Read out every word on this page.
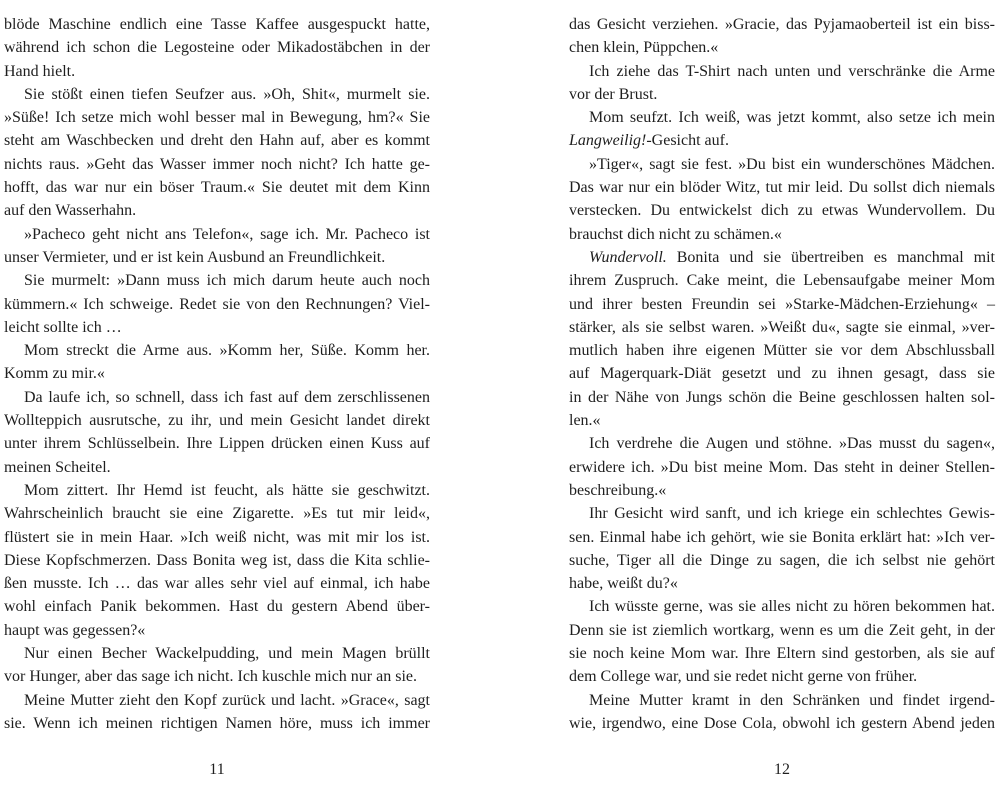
blöde Maschine endlich eine Tasse Kaffee ausgespuckt hatte,
während ich schon die Legosteine oder Mikadostäbchen in der
Hand hielt.
Sie stößt einen tiefen Seufzer aus. »Oh, Shit«, murmelt sie.
»Süße! Ich setze mich wohl besser mal in Bewegung, hm?« Sie
steht am Waschbecken und dreht den Hahn auf, aber es kommt
nichts raus. »Geht das Wasser immer noch nicht? Ich hatte ge-
hofft, das war nur ein böser Traum.« Sie deutet mit dem Kinn
auf den Wasserhahn.
»Pacheco geht nicht ans Telefon«, sage ich. Mr. Pacheco ist
unser Vermieter, und er ist kein Ausbund an Freundlichkeit.
Sie murmelt: »Dann muss ich mich darum heute auch noch
kümmern.« Ich schweige. Redet sie von den Rechnungen? Viel-
leicht sollte ich …
Mom streckt die Arme aus. »Komm her, Süße. Komm her.
Komm zu mir.«
Da laufe ich, so schnell, dass ich fast auf dem zerschlissenen
Wollteppich ausrutsche, zu ihr, und mein Gesicht landet direkt
unter ihrem Schlüsselbein. Ihre Lippen drücken einen Kuss auf
meinen Scheitel.
Mom zittert. Ihr Hemd ist feucht, als hätte sie geschwitzt.
Wahrscheinlich braucht sie eine Zigarette. »Es tut mir leid«,
flüstert sie in mein Haar. »Ich weiß nicht, was mit mir los ist.
Diese Kopfschmerzen. Dass Bonita weg ist, dass die Kita schlie-
ßen musste. Ich … das war alles sehr viel auf einmal, ich habe
wohl einfach Panik bekommen. Hast du gestern Abend über-
haupt was gegessen?«
Nur einen Becher Wackelpudding, und mein Magen brüllt
vor Hunger, aber das sage ich nicht. Ich kuschle mich nur an sie.
Meine Mutter zieht den Kopf zurück und lacht. »Grace«, sagt
sie. Wenn ich meinen richtigen Namen höre, muss ich immer
11
das Gesicht verziehen. »Gracie, das Pyjamaoberteil ist ein biss-
chen klein, Püppchen.«
Ich ziehe das T-Shirt nach unten und verschränke die Arme
vor der Brust.
Mom seufzt. Ich weiß, was jetzt kommt, also setze ich mein
Langweilig!-Gesicht auf.
»Tiger«, sagt sie fest. »Du bist ein wunderschönes Mädchen.
Das war nur ein blöder Witz, tut mir leid. Du sollst dich niemals
verstecken. Du entwickelst dich zu etwas Wundervollem. Du
brauchst dich nicht zu schämen.«
Wundervoll. Bonita und sie übertreiben es manchmal mit
ihrem Zuspruch. Cake meint, die Lebensaufgabe meiner Mom
und ihrer besten Freundin sei »Starke-Mädchen-Erziehung« –
stärker, als sie selbst waren. »Weißt du«, sagte sie einmal, »ver-
mutlich haben ihre eigenen Mütter sie vor dem Abschlussball
auf Magerquark-Diät gesetzt und zu ihnen gesagt, dass sie
in der Nähe von Jungs schön die Beine geschlossen halten sol-
len.«
Ich verdrehe die Augen und stöhne. »Das musst du sagen«,
erwidere ich. »Du bist meine Mom. Das steht in deiner Stellen-
beschreibung.«
Ihr Gesicht wird sanft, und ich kriege ein schlechtes Gewis-
sen. Einmal habe ich gehört, wie sie Bonita erklärt hat: »Ich ver-
suche, Tiger all die Dinge zu sagen, die ich selbst nie gehört
habe, weißt du?«
Ich wüsste gerne, was sie alles nicht zu hören bekommen hat.
Denn sie ist ziemlich wortkarg, wenn es um die Zeit geht, in der
sie noch keine Mom war. Ihre Eltern sind gestorben, als sie auf
dem College war, und sie redet nicht gerne von früher.
Meine Mutter kramt in den Schränken und findet irgend-
wie, irgendwo, eine Dose Cola, obwohl ich gestern Abend jeden
12
